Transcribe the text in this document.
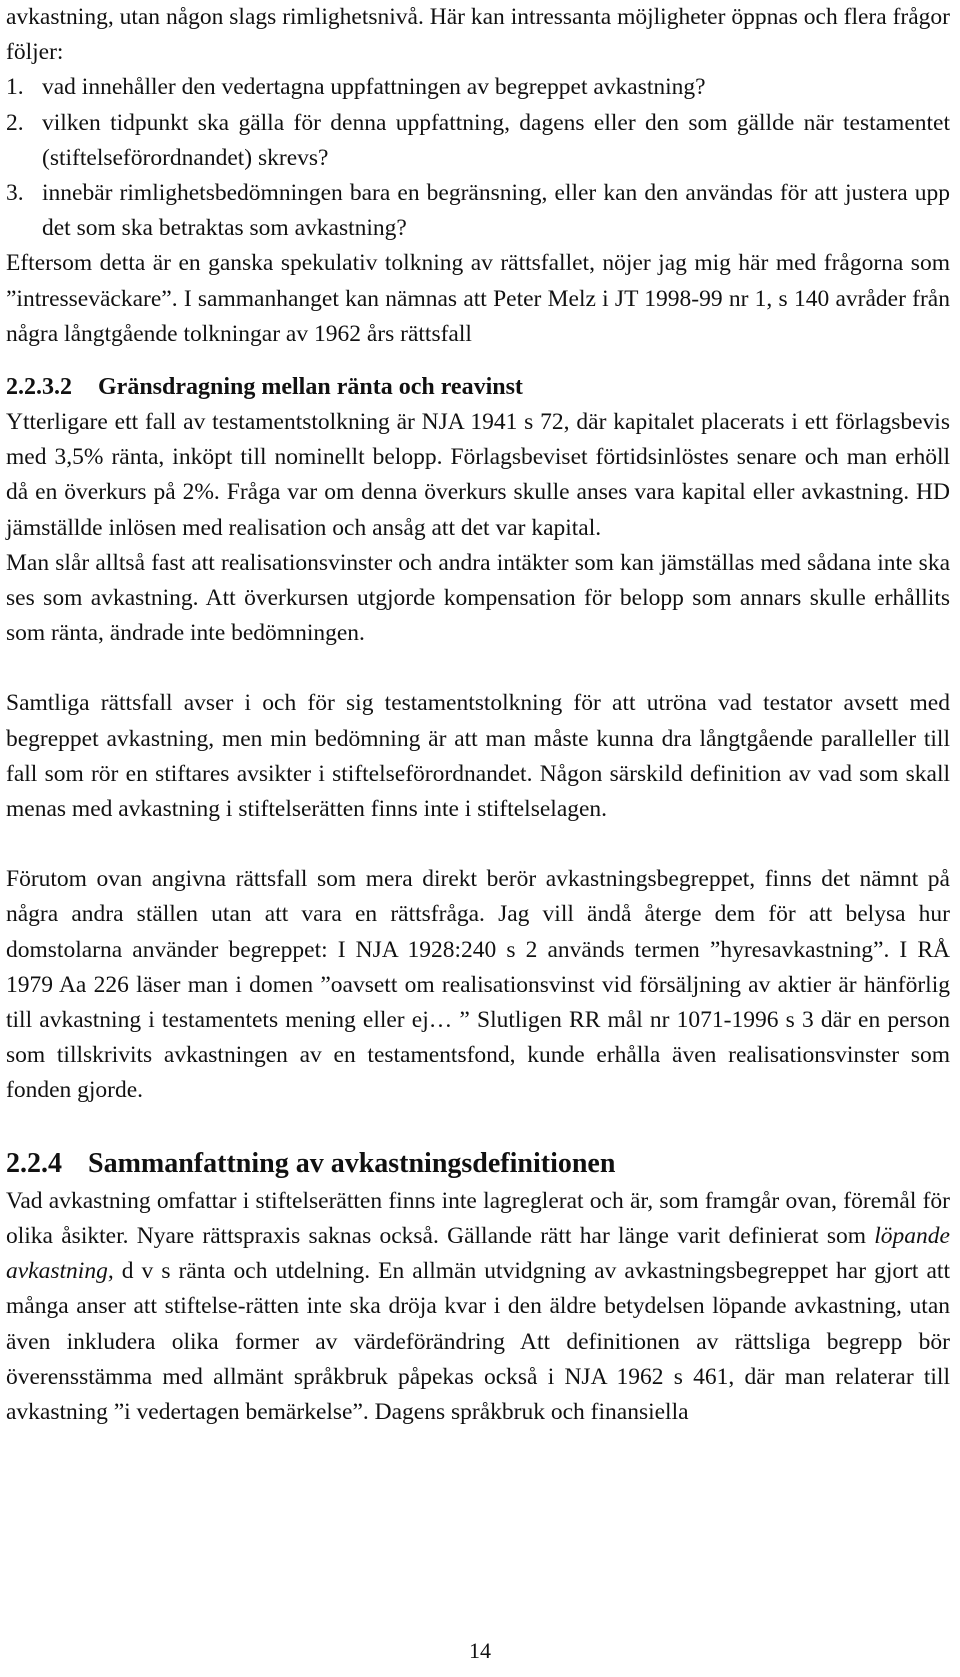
avkastning, utan någon slags rimlighetsnivå. Här kan intressanta möjligheter öppnas och flera frågor följer:

1. vad innehåller den vedertagna uppfattningen av begreppet avkastning?
2. vilken tidpunkt ska gälla för denna uppfattning, dagens eller den som gällde när testamentet (stiftelseförordnandet) skrevs?
3. innebär rimlighetsbedömningen bara en begränsning, eller kan den användas för att justera upp det som ska betraktas som avkastning?

Eftersom detta är en ganska spekulativ tolkning av rättsfallet, nöjer jag mig här med frågorna som ”intresseväckare”. I sammanhanget kan nämnas att Peter Melz i JT 1998-99 nr 1, s 140 avråder från några långtgående tolkningar av 1962 års rättsfall

2.2.3.2 Gränsdragning mellan ränta och reavinst

Ytterligare ett fall av testamentstolkning är NJA 1941 s 72, där kapitalet placerats i ett förlagsbevis med 3,5% ränta, inköpt till nominellt belopp. Förlagsbeviset förtidsinlöstes senare och man erhöll då en överkurs på 2%. Fråga var om denna överkurs skulle anses vara kapital eller avkastning. HD jämställde inlösen med realisation och ansåg att det var kapital.

Man slår alltså fast att realisationsvinster och andra intäkter som kan jämställas med sådana inte ska ses som avkastning. Att överkursen utgjorde kompensation för belopp som annars skulle erhållits som ränta, ändrade inte bedömningen.

Samtliga rättsfall avser i och för sig testamentstolkning för att utröna vad testator avsett med begreppet avkastning, men min bedömning är att man måste kunna dra långtgående paralleller till fall som rör en stiftares avsikter i stiftelseförordnandet. Någon särskild definition av vad som skall menas med avkastning i stiftelserätten finns inte i stiftelselagen.

Förutom ovan angivna rättsfall som mera direkt berör avkastningsbegreppet, finns det nämnt på några andra ställen utan att vara en rättsfråga. Jag vill ändå återge dem för att belysa hur domstolarna använder begreppet: I NJA 1928:240 s 2 används termen ”hyresavkastning”. I RÅ 1979 Aa 226 läser man i domen ”oavsett om realisationsvinst vid försäljning av aktier är hänförlig till avkastning i testamentets mening eller ej… ” Slutligen RR mål nr 1071-1996 s 3 där en person som tillskrivits avkastningen av en testamentsfond, kunde erhålla även realisationsvinster som fonden gjorde.

2.2.4 Sammanfattning av avkastningsdefinitionen

Vad avkastning omfattar i stiftelserätten finns inte lagreglerat och är, som framgår ovan, föremål för olika åsikter. Nyare rättspraxis saknas också. Gällande rätt har länge varit definierat som löpande avkastning, d v s ränta och utdelning. En allmän utvidgning av avkastningsbegreppet har gjort att många anser att stiftelse-rätten inte ska dröja kvar i den äldre betydelsen löpande avkastning, utan även inkludera olika former av värdeförändring Att definitionen av rättsliga begrepp bör överensstämma med allmänt språkbruk påpekas också i NJA 1962 s 461, där man relaterar till avkastning ”i vedertagen bemärkelse”. Dagens språkbruk och finansiella

14
